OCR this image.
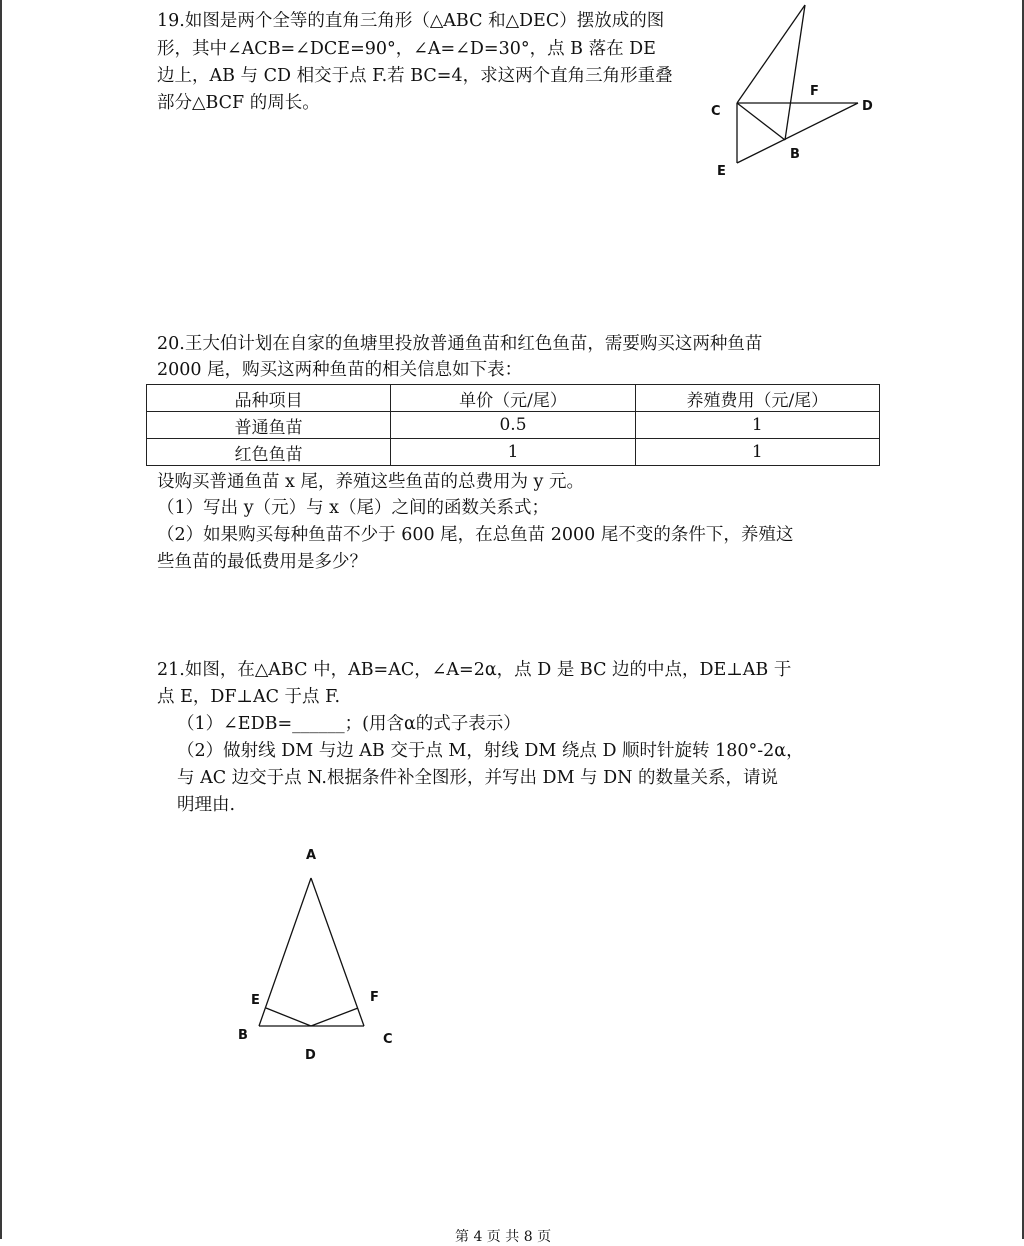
19.如图是两个全等的直角三角形（△ABC 和△DEC）摆放成的图
形，其中∠ACB=∠DCE=90°，∠A=∠D=30°，点 B 落在 DE
边上，AB 与 CD 相交于点 F.若 BC=4，求这两个直角三角形重叠
部分△BCF 的周长。	C
F
D
B
E
20.王大伯计划在自家的鱼塘里投放普通鱼苗和红色鱼苗，需要购买这两种鱼苗
2000 尾，购买这两种鱼苗的相关信息如下表：
品种项目	单价（元/尾）	养殖费用（元/尾）
普通鱼苗	0.5	1
红色鱼苗	1	1
设购买普通鱼苗 x 尾，养殖这些鱼苗的总费用为 y 元。
（1）写出 y（元）与 x（尾）之间的函数关系式；
（2）如果购买每种鱼苗不少于 600 尾，在总鱼苗 2000 尾不变的条件下，养殖这
些鱼苗的最低费用是多少？
21.如图，在△ABC 中，AB=AC，∠A=2α，点 D 是 BC 边的中点，DE⊥AB 于
点 E，DF⊥AC 于点 F.
（1）∠EDB=______；(用含α的式子表示）
（2）做射线 DM 与边 AB 交于点 M，射线 DM 绕点 D 顺时针旋转 180°-2α，
与 AC 边交于点 N.根据条件补全图形，并写出 DM 与 DN 的数量关系，请说
明理由.
A
E	F
B	C
D
第 4 页 共 8 页
